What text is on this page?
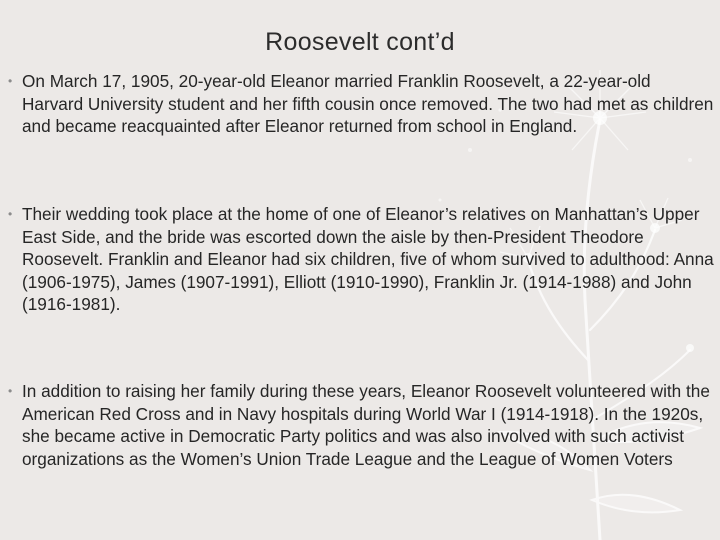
Roosevelt cont’d
• On March 17, 1905, 20-year-old Eleanor married Franklin Roosevelt, a 22-year-old Harvard University student and her fifth cousin once removed. The two had met as children and became reacquainted after Eleanor returned from school in England.
• Their wedding took place at the home of one of Eleanor’s relatives on Manhattan’s Upper East Side, and the bride was escorted down the aisle by then-President Theodore Roosevelt. Franklin and Eleanor had six children, five of whom survived to adulthood: Anna (1906-1975), James (1907-1991), Elliott (1910-1990), Franklin Jr. (1914-1988) and John (1916-1981).
• In addition to raising her family during these years, Eleanor Roosevelt volunteered with the American Red Cross and in Navy hospitals during World War I (1914-1918). In the 1920s, she became active in Democratic Party politics and was also involved with such activist organizations as the Women’s Union Trade League and the League of Women Voters
